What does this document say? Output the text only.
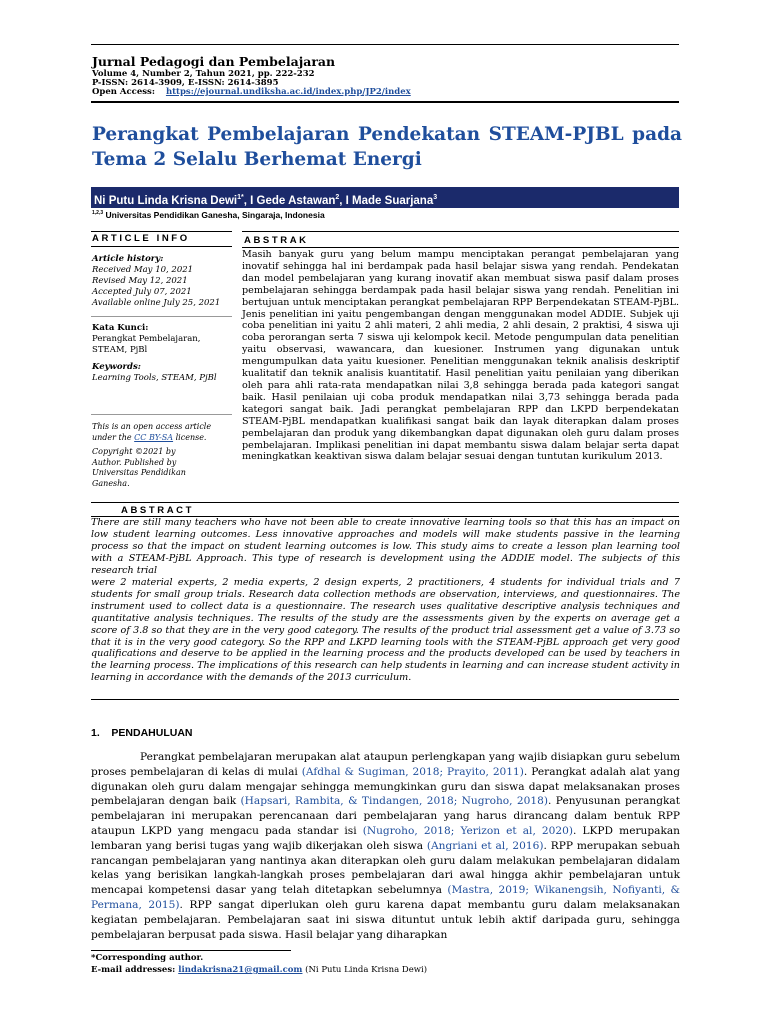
Jurnal Pedagogi dan Pembelajaran
Volume 4, Number 2, Tahun 2021, pp. 222-232
P-ISSN: 2614-3909, E-ISSN: 2614-3895
Open Access: https://ejournal.undiksha.ac.id/index.php/JP2/index
Perangkat Pembelajaran Pendekatan STEAM-PJBL pada
Tema 2 Selalu Berhemat Energi
Ni Putu Linda Krisna Dewi$^{1*}$, I Gede Astawan$^2$, I Made Suarjana$^3$
$^{1,2,3}$ Universitas Pendidikan Ganesha, Singaraja, Indonesia
ARTICLE INFO
Article history:
Received May 10, 2021
Revised May 12, 2021
Accepted July 07, 2021
Available online July 25, 2021
Kata Kunci:
Perangkat Pembelajaran,
STEAM, PjBl
Keywords:
Learning Tools, STEAM, PjBl
This is an open access article
under the CC BY-SA license.
Copyright ©2021 by
Author. Published by
Universitas Pendidikan
Ganesha.
ABSTRAK
Masih banyak guru yang belum mampu menciptakan perangat pembelajaran yang inovatif sehingga hal ini berdampak pada hasil belajar siswa yang rendah. Pendekatan dan model pembelajaran yang kurang inovatif akan membuat siswa pasif dalam proses pembelajaran sehingga berdampak pada hasil belajar siswa yang rendah. Penelitian ini bertujuan untuk menciptakan perangkat pembelajaran RPP Berpendekatan STEAM-PjBL. Jenis penelitian ini yaitu pengembangan dengan menggunakan model ADDIE. Subjek uji coba penelitian ini yaitu 2 ahli materi, 2 ahli media, 2 ahli desain, 2 praktisi, 4 siswa uji coba perorangan serta 7 siswa uji kelompok kecil. Metode pengumpulan data penelitian yaitu observasi, wawancara, dan kuesioner. Instrumen yang digunakan untuk mengumpulkan data yaitu kuesioner. Penelitian menggunakan teknik analisis deskriptif kualitatif dan teknik analisis kuantitatif. Hasil penelitian yaitu penilaian yang diberikan oleh para ahli rata-rata mendapatkan nilai 3,8 sehingga berada pada kategori sangat baik. Hasil penilaian uji coba produk mendapatkan nilai 3,73 sehingga berada pada kategori sangat baik. Jadi perangkat pembelajaran RPP dan LKPD berpendekatan STEAM-PjBL mendapatkan kualifikasi sangat baik dan layak diterapkan dalam proses pembelajaran dan produk yang dikembangkan dapat digunakan oleh guru dalam proses pembelajaran. Implikasi penelitian ini dapat membantu siswa dalam belajar serta dapat meningkatkan keaktivan siswa dalam belajar sesuai dengan tuntutan kurikulum 2013.
ABSTRACT
There are still many teachers who have not been able to create innovative learning tools so that this has an impact on low student learning outcomes. Less innovative approaches and models will make students passive in the learning process so that the impact on student learning outcomes is low. This study aims to create a lesson plan learning tool with a STEAM-PjBL Approach. This type of research is development using the ADDIE model. The subjects of this research trial
were 2 material experts, 2 media experts, 2 design experts, 2 practitioners, 4 students for individual trials and 7 students for small group trials. Research data collection methods are observation, interviews, and questionnaires. The instrument used to collect data is a questionnaire. The research uses qualitative descriptive analysis techniques and quantitative analysis techniques. The results of the study are the assessments given by the experts on average get a score of 3.8 so that they are in the very good category. The results of the product trial assessment get a value of 3.73 so that it is in the very good category. So the RPP and LKPD learning tools with the STEAM-PjBL approach get very good qualifications and deserve to be applied in the learning process and the products developed can be used by teachers in the learning process. The implications of this research can help students in learning and can increase student activity in learning in accordance with the demands of the 2013 curriculum.
1.    PENDAHULUAN

Perangkat pembelajaran merupakan alat ataupun perlengkapan yang wajib disiapkan guru sebelum proses pembelajaran di kelas di mulai (Afdhal & Sugiman, 2018; Prayito, 2011). Perangkat adalah alat yang digunakan oleh guru dalam mengajar sehingga memungkinkan guru dan siswa dapat melaksanakan proses pembelajaran dengan baik (Hapsari, Rambita, & Tindangen, 2018; Nugroho, 2018). Penyusunan perangkat pembelajaran ini merupakan perencanaan dari pembelajaran yang harus dirancang dalam bentuk RPP ataupun LKPD yang mengacu pada standar isi (Nugroho, 2018; Yerizon et al, 2020). LKPD merupakan lembaran yang berisi tugas yang wajib dikerjakan oleh siswa (Angriani et al, 2016). RPP merupakan sebuah rancangan pembelajaran yang nantinya akan diterapkan oleh guru dalam melakukan pembelajaran didalam kelas yang berisikan langkah-langkah proses pembelajaran dari awal hingga akhir pembelajaran untuk mencapai kompetensi dasar yang telah ditetapkan sebelumnya (Mastra, 2019; Wikanengsih, Nofiyanti, & Permana, 2015). RPP sangat diperlukan oleh guru karena dapat membantu guru dalam melaksanakan kegiatan pembelajaran. Pembelajaran saat ini siswa dituntut untuk lebih aktif daripada guru, sehingga pembelajaran berpusat pada siswa. Hasil belajar yang diharapkan

*Corresponding author.
E-mail addresses: lindakrisna21@gmail.com (Ni Putu Linda Krisna Dewi)
